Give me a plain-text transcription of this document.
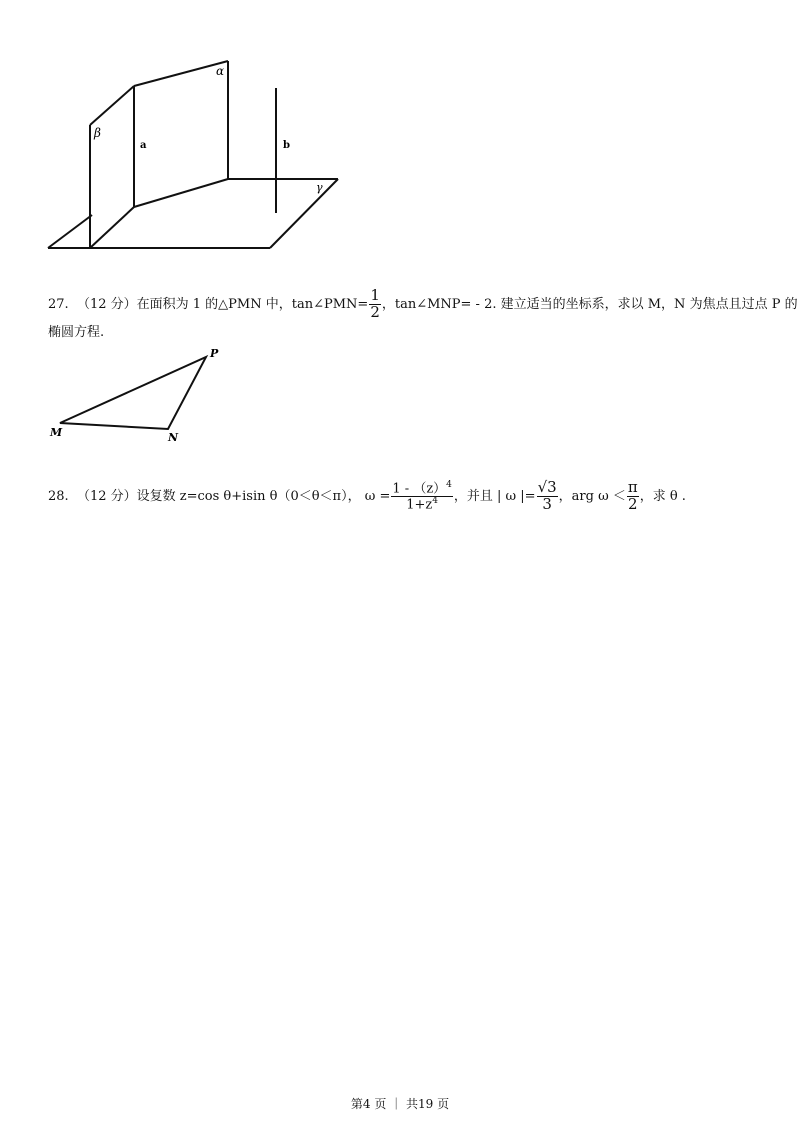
α
β
a	b
γ
27. （12 分）在面积为 1 的△PMN 中，tan∠PMN= $\frac{1}{2}$ ，tan∠MNP= - 2. 建立适当的坐标系，求以 M，N 为焦点且过点 P 的
椭圆方程.
P
M	N
28. （12 分）设复数 z=cos θ+isin θ（0＜θ＜π）， $\omega = \frac{1 - (z)^4}{1+z^4}$ ，并且 | ω |= $\frac{√3}{3}$ ，arg $\omega < \frac{\pi}{2}$ ，求 θ .
第4 页 ｜ 共19 页
